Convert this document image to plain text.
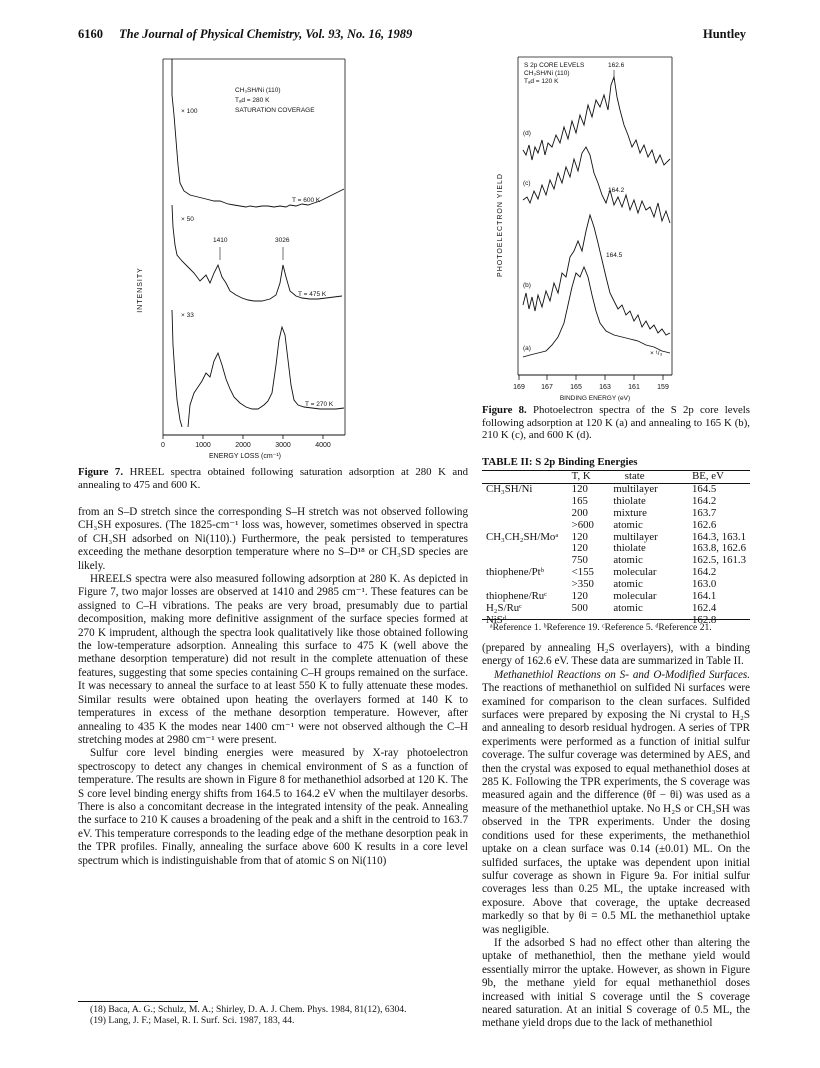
6160 The Journal of Physical Chemistry, Vol. 93, No. 16, 1989	Huntley
INTENSITY
0	1000	2000	3000	4000
ENERGY LOSS (cm⁻¹)
CH₃SH/Ni (110)
Tₐd = 280 K
SATURATION COVERAGE
× 100
T = 600 K
× 50
1410	3026
T = 475 K
× 33
T = 270 K
Figure 7. HREEL spectra obtained following saturation adsorption at 280 K and annealing to 475 and 600 K.
PHOTOELECTRON YIELD
169 167 165 163 161 159
BINDING ENERGY (eV)
S 2p CORE LEVELS
CH₃SH/Ni (110)
Tₐd = 120 K
162.6
(d)
(c)
164.2
164.5
(b)
(a)
× ¹/₃
Figure 8. Photoelectron spectra of the S 2p core levels following adsorption at 120 K (a) and annealing to 165 K (b), 210 K (c), and 600 K (d).
TABLE II: S 2p Binding Energies
	T, K	state	BE, eV
CH₃SH/Ni	120	multilayer	164.5
	165	thiolate	164.2
	200	mixture	163.7
	>600	atomic	162.6
CH₃CH₂SH/Moᵃ	120	multilayer	164.3, 163.1
	120	thiolate	163.8, 162.6
	750	atomic	162.5, 161.3
thiophene/Ptᵇ	<155	molecular	164.2
	>350	atomic	163.0
thiophene/Ruᶜ	120	molecular	164.1
H₂S/Ruᶜ	500	atomic	162.4
NiSᵈ			162.8
ᵃReference 1. ᵇReference 19. ᶜReference 5. ᵈReference 21.

from an S–D stretch since the corresponding S–H stretch was not observed following CH₃SH exposures. (The 1825-cm⁻¹ loss was, however, sometimes observed in spectra of CH₃SH adsorbed on Ni(110).) Furthermore, the peak persisted to temperatures exceeding the methane desorption temperature where no S–D¹⁸ or CH₃SD species are likely.

HREELS spectra were also measured following adsorption at 280 K. As depicted in Figure 7, two major losses are observed at 1410 and 2985 cm⁻¹. These features can be assigned to C–H vibrations. The peaks are very broad, presumably due to partial decomposition, making more definitive assignment of the surface species formed at 270 K imprudent, although the spectra look qualitatively like those obtained following the low-temperature adsorption. Annealing this surface to 475 K (well above the methane desorption temperature) did not result in the complete attenuation of these features, suggesting that some species containing C–H groups remained on the surface. It was necessary to anneal the surface to at least 550 K to fully attenuate these modes. Similar results were obtained upon heating the overlayers formed at 140 K to temperatures in excess of the methane desorption temperature. However, after annealing to 435 K the modes near 1400 cm⁻¹ were not observed although the C–H stretching modes at 2980 cm⁻¹ were present.

Sulfur core level binding energies were measured by X-ray photoelectron spectroscopy to detect any changes in chemical environment of S as a function of temperature. The results are shown in Figure 8 for methanethiol adsorbed at 120 K. The S core level binding energy shifts from 164.5 to 164.2 eV when the multilayer desorbs. There is also a concomitant decrease in the integrated intensity of the peak. Annealing the surface to 210 K causes a broadening of the peak and a shift in the centroid to 163.7 eV. This temperature corresponds to the leading edge of the methane desorption peak in the TPR profiles. Finally, annealing the surface above 600 K results in a core level spectrum which is indistinguishable from that of atomic S on Ni(110)

(18) Baca, A. G.; Schulz, M. A.; Shirley, D. A. J. Chem. Phys. 1984, 81(12), 6304.
(19) Lang, J. F.; Masel, R. I. Surf. Sci. 1987, 183, 44.

(prepared by annealing H₂S overlayers), with a binding energy of 162.6 eV. These data are summarized in Table II.

Methanethiol Reactions on S- and O-Modified Surfaces. The reactions of methanethiol on sulfided Ni surfaces were examined for comparison to the clean surfaces. Sulfided surfaces were prepared by exposing the Ni crystal to H₂S and annealing to desorb residual hydrogen. A series of TPR experiments were performed as a function of initial sulfur coverage. The sulfur coverage was determined by AES, and then the crystal was exposed to equal methanethiol doses at 285 K. Following the TPR experiments, the S coverage was measured again and the difference (θf − θi) was used as a measure of the methanethiol uptake. No H₂S or CH₃SH was observed in the TPR experiments. Under the dosing conditions used for these experiments, the methanethiol uptake on a clean surface was 0.14 (±0.01) ML. On the sulfided surfaces, the uptake was dependent upon initial sulfur coverage as shown in Figure 9a. For initial sulfur coverages less than 0.25 ML, the uptake increased with exposure. Above that coverage, the uptake decreased markedly so that by θi = 0.5 ML the methanethiol uptake was negligible.

If the adsorbed S had no effect other than altering the uptake of methanethiol, then the methane yield would essentially mirror the uptake. However, as shown in Figure 9b, the methane yield for equal methanethiol doses increased with initial S coverage until the S coverage neared saturation. At an initial S coverage of 0.5 ML, the methane yield drops due to the lack of methanethiol
